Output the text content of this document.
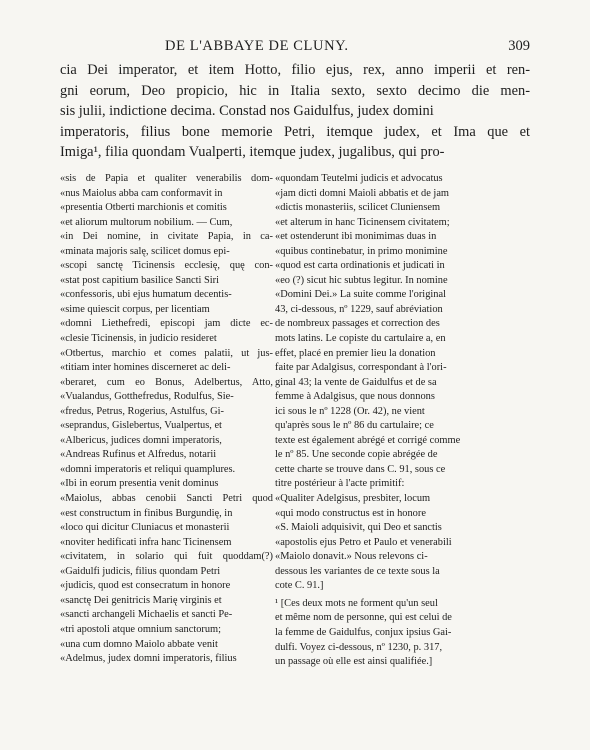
DE L'ABBAYE DE CLUNY.	309
cia Dei imperator, et item Hotto, filio ejus, rex, anno imperii et ren-
gni eorum, Deo propicio, hic in Italia sexto, sexto decimo die men-
sis julii, indictione decima. Constad nos Gaidulfus, judex domini
imperatoris, filius bone memorie Petri, itemque judex, et Ima que et
Imiga¹, filia quondam Vualperti, itemque judex, jugalibus, qui pro-
«sis de Papia et qualiter venerabilis dom-
«nus Maiolus abba cam conformavit in
«presentia Otberti marchionis et comitis
«et aliorum multorum nobilium. — Cum,
«in Dei nomine, in civitate Papia, in ca-
«minata majoris salę, scilicet domus epi-
«scopi sanctę Ticinensis ecclesię, quę con-
«stat post capitium basilice Sancti Siri
«confessoris, ubi ejus humatum decentis-
«sime quiescit corpus, per licentiam
«domni Liethefredi, episcopi jam dicte ec-
«clesie Ticinensis, in judicio resideret
«Otbertus, marchio et comes palatii, ut jus-
«titiam inter homines discerneret ac deli-
«beraret, cum eo Bonus, Adelbertus, Atto,
«Vualandus, Gotthefredus, Rodulfus, Sie-
«fredus, Petrus, Rogerius, Astulfus, Gi-
«seprandus, Gislebertus, Vualpertus, et
«Albericus, judices domni imperatoris,
«Andreas Rufinus et Alfredus, notarii
«domni imperatoris et reliqui quamplures.
«Ibi in eorum presentia venit dominus
«Maiolus, abbas cenobii Sancti Petri quod
«est constructum in finibus Burgundię, in
«loco qui dicitur Cluniacus et monasterii
«noviter hedificati infra hanc Ticinensem
«civitatem, in solario qui fuit quoddam(?)
«Gaidulfi judicis, filius quondam Petri
«judicis, quod est consecratum in honore
«sanctę Dei genitricis Marię virginis et
«sancti archangeli Michaelis et sancti Pe-
«tri apostoli atque omnium sanctorum;
«una cum domno Maiolo abbate venit
«Adelmus, judex domni imperatoris, filius
«quondam Teutelmi judicis et advocatus
«jam dicti domni Maioli abbatis et de jam
«dictis monasteriis, scilicet Cluniensem
«et alterum in hanc Ticinensem civitatem;
«et ostenderunt ibi monimimas duas in
«quibus continebatur, in primo monimine
«quod est carta ordinationis et judicati in
«eo (?) sicut hic subtus legitur. In nomine
«Domini Dei.» La suite comme l'original
43, ci-dessous, nº 1229, sauf abréviation
de nombreux passages et correction des
mots latins. Le copiste du cartulaire a, en
effet, placé en premier lieu la donation
faite par Adalgisus, correspondant à l'ori-
ginal 43; la vente de Gaidulfus et de sa
femme à Adalgisus, que nous donnons
ici sous le nº 1228 (Or. 42), ne vient
qu'après sous le nº 86 du cartulaire; ce
texte est également abrégé et corrigé comme
le nº 85. Une seconde copie abrégée de
cette charte se trouve dans C. 91, sous ce
titre postérieur à l'acte primitif:
«Qualiter Adelgisus, presbiter, locum
«qui modo constructus est in honore
«S. Maioli adquisivit, qui Deo et sanctis
«apostolis ejus Petro et Paulo et venerabili
«Maiolo donavit.» Nous relevons ci-
dessous les variantes de ce texte sous la
cote C. 91.]
¹ [Ces deux mots ne forment qu'un seul
et même nom de personne, qui est celui de
la femme de Gaidulfus, conjux ipsius Gai-
dulfi. Voyez ci-dessous, nº 1230, p. 317,
un passage où elle est ainsi qualifiée.]
